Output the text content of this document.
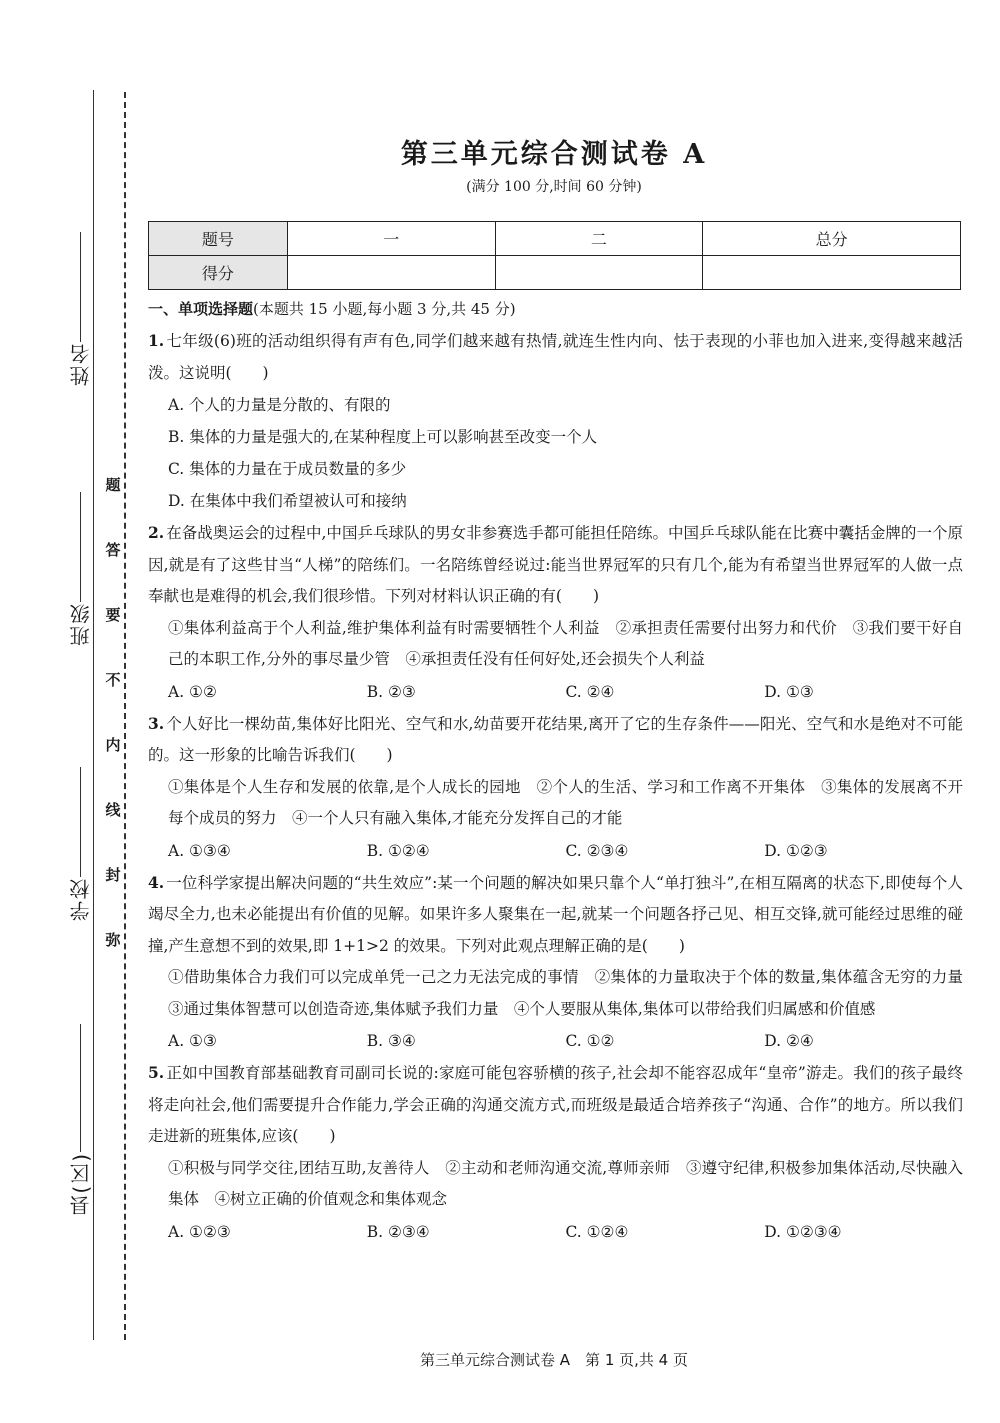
姓名
班级
学校
县(区)
题
答
要
不
内
线
封
弥
第三单元综合测试卷 A
(满分 100 分,时间 60 分钟)
题号	一	二	总分
得分			
一、单项选择题(本题共 15 小题,每小题 3 分,共 45 分)
1. 七年级(6)班的活动组织得有声有色,同学们越来越有热情,就连生性内向、怯于表现的小菲也加入进来,变得越来越活泼。这说明(　　)
A. 个人的力量是分散的、有限的
B. 集体的力量是强大的,在某种程度上可以影响甚至改变一个人
C. 集体的力量在于成员数量的多少
D. 在集体中我们希望被认可和接纳
2. 在备战奥运会的过程中,中国乒乓球队的男女非参赛选手都可能担任陪练。中国乒乓球队能在比赛中囊括金牌的一个原因,就是有了这些甘当“人梯”的陪练们。一名陪练曾经说过:能当世界冠军的只有几个,能为有希望当世界冠军的人做一点奉献也是难得的机会,我们很珍惜。下列对材料认识正确的有(　　)
①集体利益高于个人利益,维护集体利益有时需要牺牲个人利益　②承担责任需要付出努力和代价　③我们要干好自己的本职工作,分外的事尽量少管　④承担责任没有任何好处,还会损失个人利益
A. ①②	B. ②③	C. ②④	D. ①③
3. 个人好比一棵幼苗,集体好比阳光、空气和水,幼苗要开花结果,离开了它的生存条件——阳光、空气和水是绝对不可能的。这一形象的比喻告诉我们(　　)
①集体是个人生存和发展的依靠,是个人成长的园地　②个人的生活、学习和工作离不开集体　③集体的发展离不开每个成员的努力　④一个人只有融入集体,才能充分发挥自己的才能
A. ①③④	B. ①②④	C. ②③④	D. ①②③
4. 一位科学家提出解决问题的“共生效应”:某一个问题的解决如果只靠个人“单打独斗”,在相互隔离的状态下,即使每个人竭尽全力,也未必能提出有价值的见解。如果许多人聚集在一起,就某一个问题各抒己见、相互交锋,就可能经过思维的碰撞,产生意想不到的效果,即 1+1>2 的效果。下列对此观点理解正确的是(　　)
①借助集体合力我们可以完成单凭一己之力无法完成的事情　②集体的力量取决于个体的数量,集体蕴含无穷的力量　③通过集体智慧可以创造奇迹,集体赋予我们力量　④个人要服从集体,集体可以带给我们归属感和价值感
A. ①③	B. ③④	C. ①②	D. ②④
5. 正如中国教育部基础教育司副司长说的:家庭可能包容骄横的孩子,社会却不能容忍成年“皇帝”游走。我们的孩子最终将走向社会,他们需要提升合作能力,学会正确的沟通交流方式,而班级是最适合培养孩子“沟通、合作”的地方。所以我们走进新的班集体,应该(　　)
①积极与同学交往,团结互助,友善待人　②主动和老师沟通交流,尊师亲师　③遵守纪律,积极参加集体活动,尽快融入集体　④树立正确的价值观念和集体观念
A. ①②③	B. ②③④	C. ①②④	D. ①②③④
第三单元综合测试卷 A　第 1 页,共 4 页
